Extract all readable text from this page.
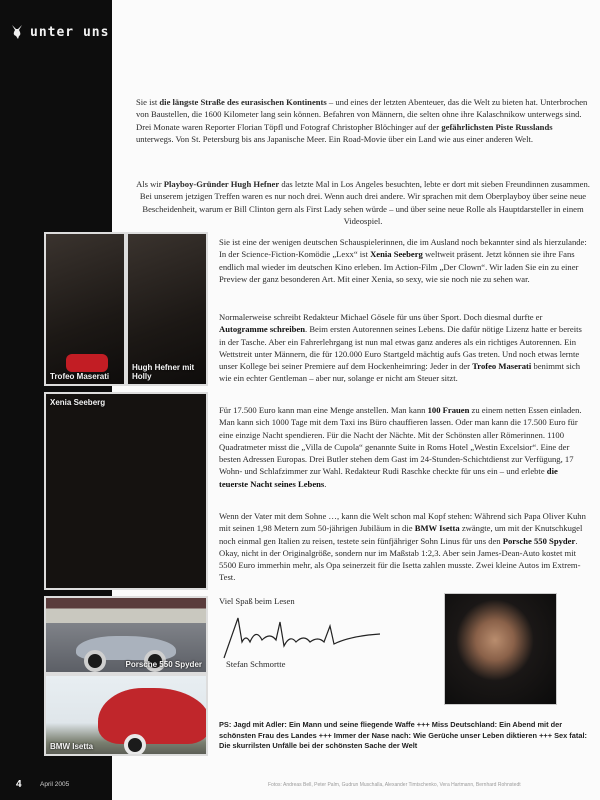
unter uns

Sie ist die längste Straße des eurasischen Kontinents – und eines der letzten Abenteuer, das die Welt zu bieten hat. Unterbrochen von Baustellen, die 1600 Kilometer lang sein können. Befahren von Männern, die selten ohne ihre Kalaschnikow unterwegs sind. Drei Monate waren Reporter Florian Töpfl und Fotograf Christopher Blöchinger auf der gefährlichsten Piste Russlands unterwegs. Von St. Petersburg bis ans Japanische Meer. Ein Road-Movie über ein Land wie aus einer anderen Welt.

Als wir Playboy-Gründer Hugh Hefner das letzte Mal in Los Angeles besuchten, lebte er dort mit sieben Freundinnen zusammen. Bei unserem jetzigen Treffen waren es nur noch drei. Wenn auch drei andere. Wir sprachen mit dem Oberplayboy über seine neue Bescheidenheit, warum er Bill Clinton gern als First Lady sehen würde – und über seine neue Rolle als Hauptdarsteller in einem Videospiel.

Trofeo Maserati
Hugh Hefner mit Holly
Xenia Seeberg
Porsche 550 Spyder
BMW Isetta

Sie ist eine der wenigen deutschen Schauspielerinnen, die im Ausland noch bekannter sind als hierzulande: In der Science-Fiction-Komödie „Lexx“ ist Xenia Seeberg weltweit präsent. Jetzt können sie ihre Fans endlich mal wieder im deutschen Kino erleben. Im Action-Film „Der Clown“. Wir laden Sie ein zu einer Preview der ganz besonderen Art. Mit einer Xenia, so sexy, wie sie noch nie zu sehen war.

Normalerweise schreibt Redakteur Michael Gösele für uns über Sport. Doch diesmal durfte er Autogramme schreiben. Beim ersten Autorennen seines Lebens. Die dafür nötige Lizenz hatte er bereits in der Tasche. Aber ein Fahrerlehrgang ist nun mal etwas ganz anderes als ein richtiges Autorennen. Ein Wettstreit unter Männern, die für 120.000 Euro Startgeld mächtig aufs Gas treten. Und noch etwas lernte unser Kollege bei seiner Premiere auf dem Hockenheimring: Jeder in der Trofeo Maserati benimmt sich wie ein echter Gentleman – aber nur, solange er nicht am Steuer sitzt.

Für 17.500 Euro kann man eine Menge anstellen. Man kann 100 Frauen zu einem netten Essen einladen. Man kann sich 1000 Tage mit dem Taxi ins Büro chauffieren lassen. Oder man kann die 17.500 Euro für eine einzige Nacht spendieren. Für die Nacht der Nächte. Mit der Schönsten aller Römerinnen. 1100 Quadratmeter misst die „Villa de Cupola“ genannte Suite in Roms Hotel „Westin Excelsior“. Eine der besten Adressen Europas. Drei Butler stehen dem Gast im 24-Stunden-Schichtdienst zur Verfügung, 17 Wohn- und Schlafzimmer zur Wahl. Redakteur Rudi Raschke checkte für uns ein – und erlebte die teuerste Nacht seines Lebens.

Wenn der Vater mit dem Sohne …, kann die Welt schon mal Kopf stehen: Während sich Papa Oliver Kuhn mit seinen 1,98 Metern zum 50-jährigen Jubiläum in die BMW Isetta zwängte, um mit der Knutschkugel noch einmal gen Italien zu reisen, testete sein fünfjähriger Sohn Linus für uns den Porsche 550 Spyder. Okay, nicht in der Originalgröße, sondern nur im Maßstab 1:2,3. Aber sein James-Dean-Auto kostet mit 5500 Euro immerhin mehr, als Opa seinerzeit für die Isetta zahlen musste. Zwei kleine Autos im Extrem-Test.

Viel Spaß beim Lesen
Stefan Schmortte

PS: Jagd mit Adler: Ein Mann und seine fliegende Waffe +++ Miss Deutschland: Ein Abend mit der schönsten Frau des Landes +++ Immer der Nase nach: Wie Gerüche unser Leben diktieren +++ Sex fatal: Die skurrilsten Unfälle bei der schönsten Sache der Welt

4	April 2005	Fotos: Andreas Bell, Peter Palm, Gudrun Muschalla, Alexander Timtschenko, Vera Hartmann, Bernhard Rohnstedt
